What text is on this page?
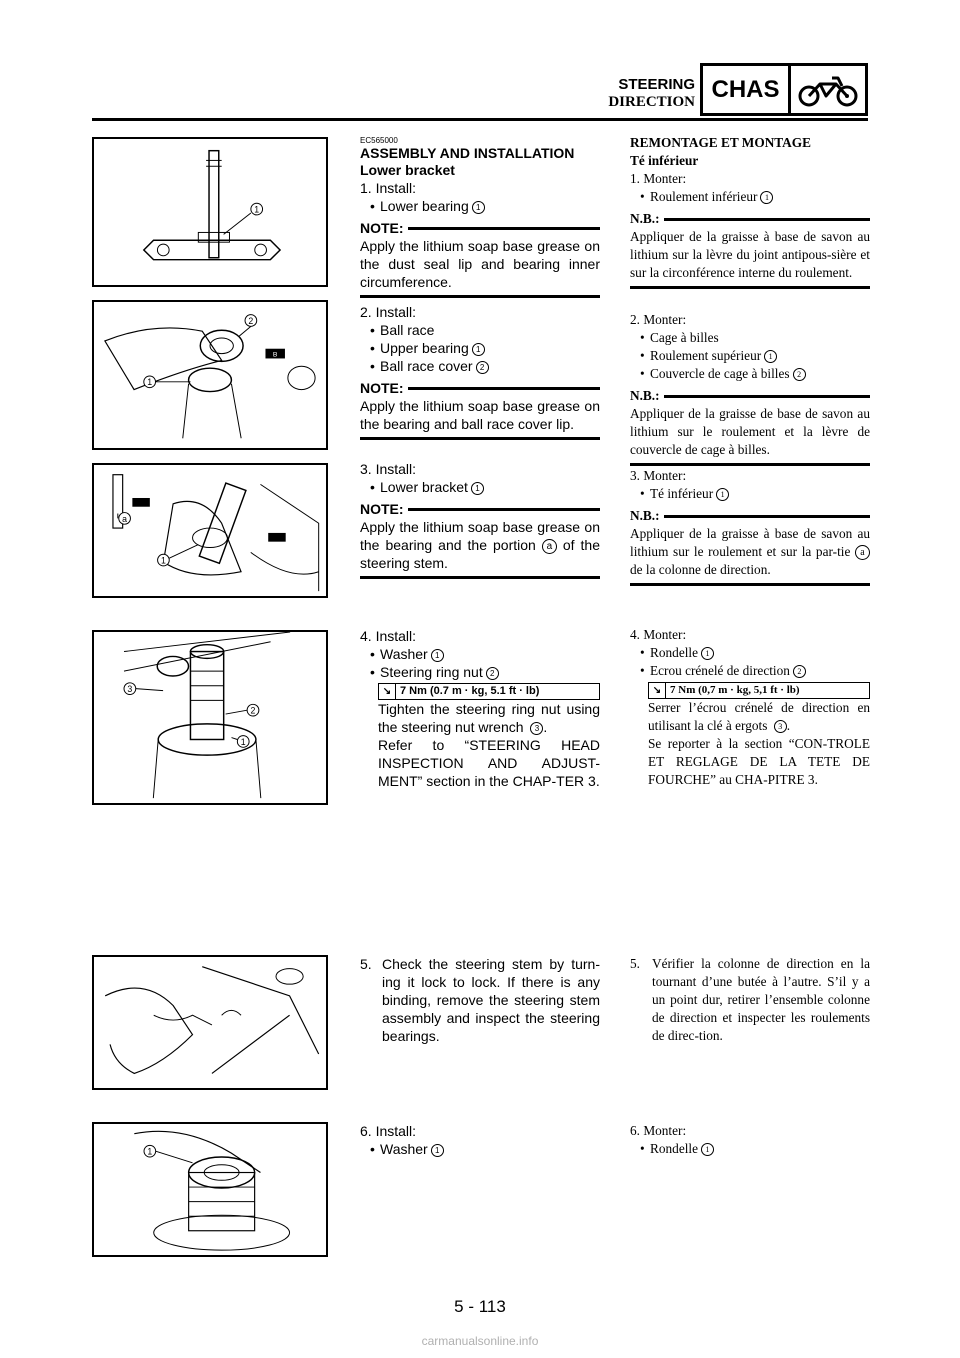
STEERING
DIRECTION CHAS
1
B
2
1
a
1
3
2
1
1
EC565000
ASSEMBLY AND INSTALLATION
Lower bracket
1. Install:
• Lower bearing 1
NOTE:
Apply the lithium soap base grease on the dust seal lip and bearing inner circumference.
2. Install:
• Ball race
• Upper bearing 1
• Ball race cover 2
NOTE:
Apply the lithium soap base grease on the bearing and ball race cover lip.
3. Install:
• Lower bracket 1
NOTE:
Apply the lithium soap base grease on the bearing and the portion a of the steering stem.
4. Install:
• Washer 1
• Steering ring nut 2
↘ 7 Nm (0.7 m · kg, 5.1 ft · lb)
Tighten the steering ring nut using the steering nut wrench 3 .
Refer to “STEERING HEAD INSPECTION AND ADJUST-MENT” section in the CHAP-TER 3.
5. Check the steering stem by turn-ing it lock to lock. If there is any binding, remove the steering stem assembly and inspect the steering bearings.
6. Install:
• Washer 1
REMONTAGE ET MONTAGE
Té inférieur
1. Monter:
• Roulement inférieur 1
N.B.:
Appliquer de la graisse à base de savon au lithium sur la lèvre du joint antipous-sière et sur la circonférence interne du roulement.
2. Monter:
• Cage à billes
• Roulement supérieur 1
• Couvercle de cage à billes 2
N.B.:
Appliquer de la graisse de base de savon au lithium sur le roulement et la lèvre de couvercle de cage à billes.
3. Monter:
• Té inférieur 1
N.B.:
Appliquer de la graisse à base de savon au lithium sur le roulement et sur la par-tie a de la colonne de direction.
4. Monter:
• Rondelle 1
• Ecrou crénelé de direction 2
↘ 7 Nm (0,7 m · kg, 5,1 ft · lb)
Serrer l’écrou crénelé de direction en utilisant la clé à ergots 3 .
Se reporter à la section “CON-TROLE ET REGLAGE DE LA TETE DE FOURCHE” au CHA-PITRE 3.
5. Vérifier la colonne de direction en la tournant d’une butée à l’autre. S’il y a un point dur, retirer l’ensemble colonne de direction et inspecter les roulements de direc-tion.
6. Monter:
• Rondelle 1
5 - 113
carmanualsonline.info
